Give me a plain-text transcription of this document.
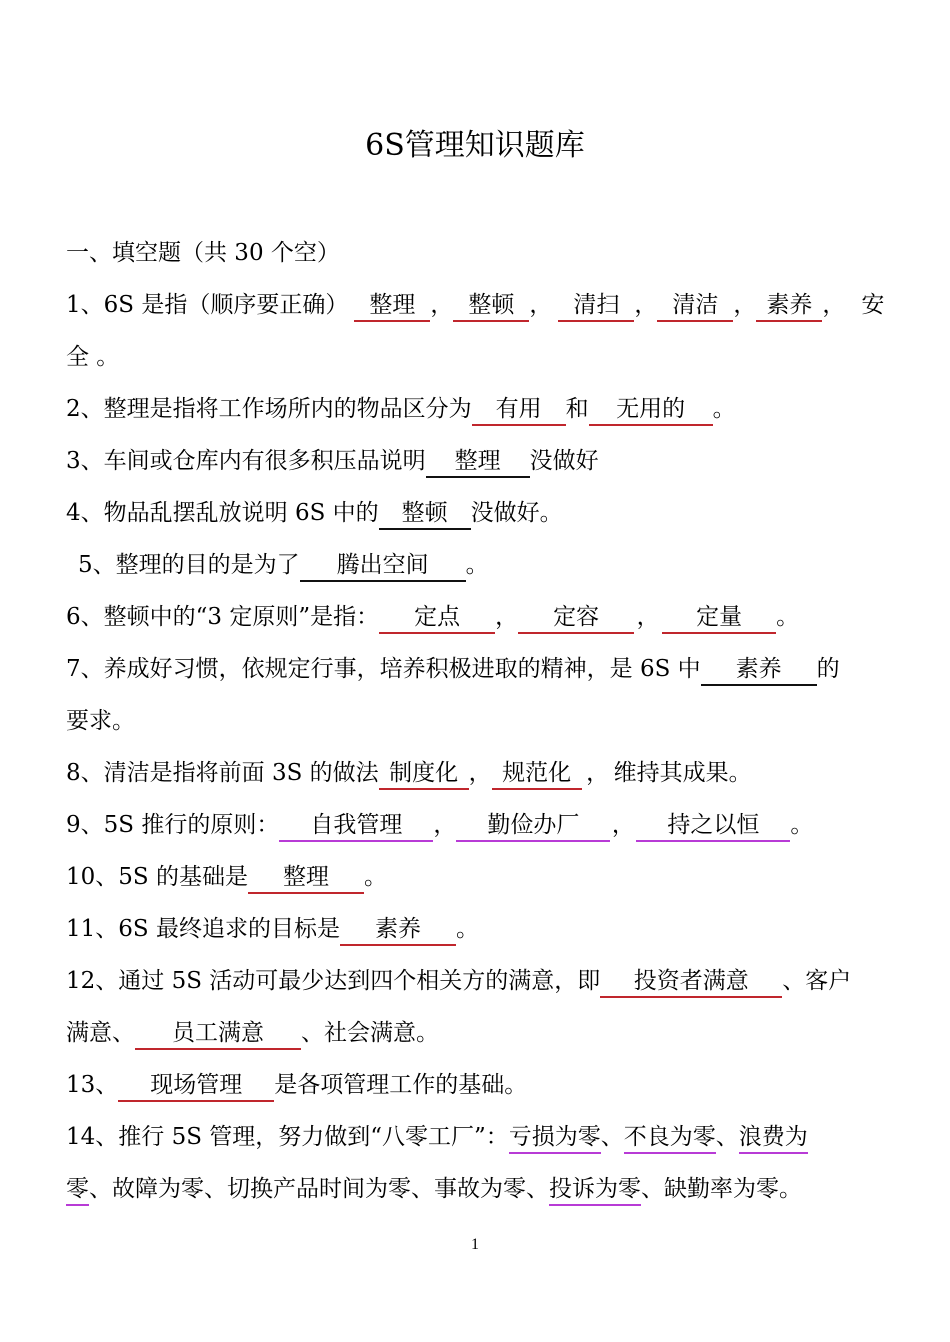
6S管理知识题库
一、填空题（共 30 个空）
1、6S 是指（顺序要正确） 整理 ， 整顿 ， 清扫 ， 清洁 ， 素养 ， 安
全 。
2、整理是指将工作场所内的物品区分为 有用 和 无用的 。
3、车间或仓库内有很多积压品说明 整理 没做好
4、物品乱摆乱放说明 6S 中的 整顿 没做好。
5、整理的目的是为了 腾出空间 。
6、整顿中的“3 定原则”是指： 定点 ， 定容 ， 定量 。
7、养成好习惯，依规定行事，培养积极进取的精神，是 6S 中 素养 的
要求。
8、清洁是指将前面 3S 的做法 制度化 ， 规范化 ， 维持其成果。
9、5S 推行的原则： 自我管理 ， 勤俭办厂 ， 持之以恒 。
10、5S 的基础是 整理 。
11、6S 最终追求的目标是 素养 。
12、通过 5S 活动可最少达到四个相关方的满意，即 投资者满意 、客户
满意、 员工满意 、社会满意。
13、 现场管理 是各项管理工作的基础。
14、推行 5S 管理，努力做到“八零工厂”：亏损为零、不良为零、浪费为
零、故障为零、切换产品时间为零、事故为零、投诉为零、缺勤率为零。
1
